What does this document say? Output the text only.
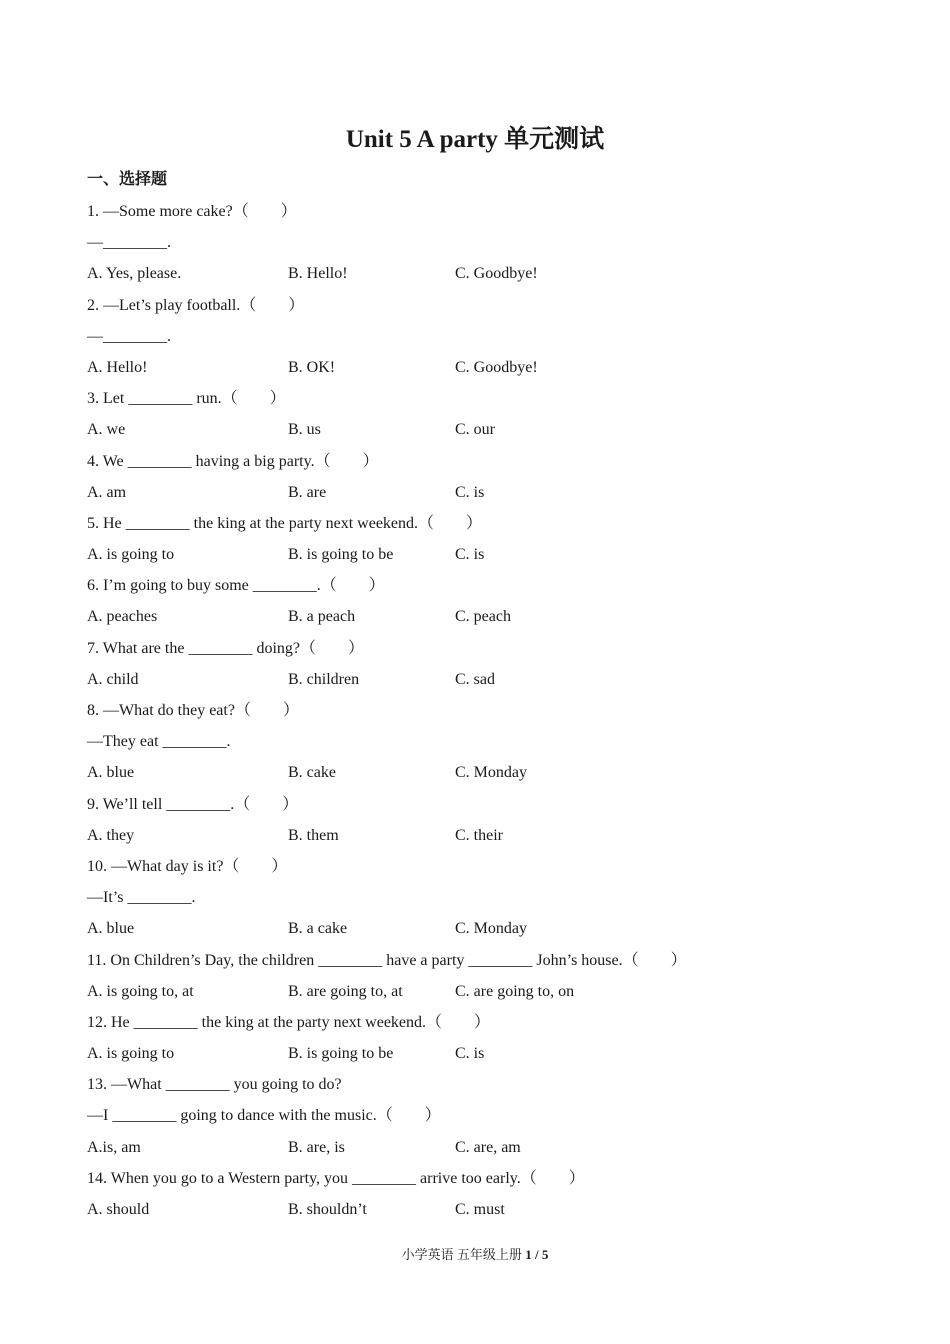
Unit 5 A party 单元测试
一、选择题
1. —Some more cake?（　　）
—________.
A. Yes, please.	B. Hello!	C. Goodbye!
2. —Let’s play football.（　　）
—________.
A. Hello!	B. OK!	C. Goodbye!
3. Let ________ run.（　　）
A. we	B. us	C. our
4. We ________ having a big party.（　　）
A. am	B. are	C. is
5. He ________ the king at the party next weekend.（　　）
A. is going to	B. is going to be	C. is
6. I’m going to buy some ________.（　　）
A. peaches	B. a peach	C. peach
7. What are the ________ doing?（　　）
A. child	B. children	C. sad
8. —What do they eat?（　　）
—They eat ________.
A. blue	B. cake	C. Monday
9. We’ll tell ________.（　　）
A. they	B. them	C. their
10. —What day is it?（　　）
—It’s ________.
A. blue	B. a cake	C. Monday
11. On Children’s Day, the children ________ have a party ________ John’s house.（　　）
A. is going to, at	B. are going to, at	C. are going to, on
12. He ________ the king at the party next weekend.（　　）
A. is going to	B. is going to be	C. is
13. —What ________ you going to do?
—I ________ going to dance with the music.（　　）
A.is, am	B. are, is	C. are, am
14. When you go to a Western party, you ________ arrive too early.（　　）
A. should	B. shouldn’t	C. must
小学英语 五年级上册 1 / 5
